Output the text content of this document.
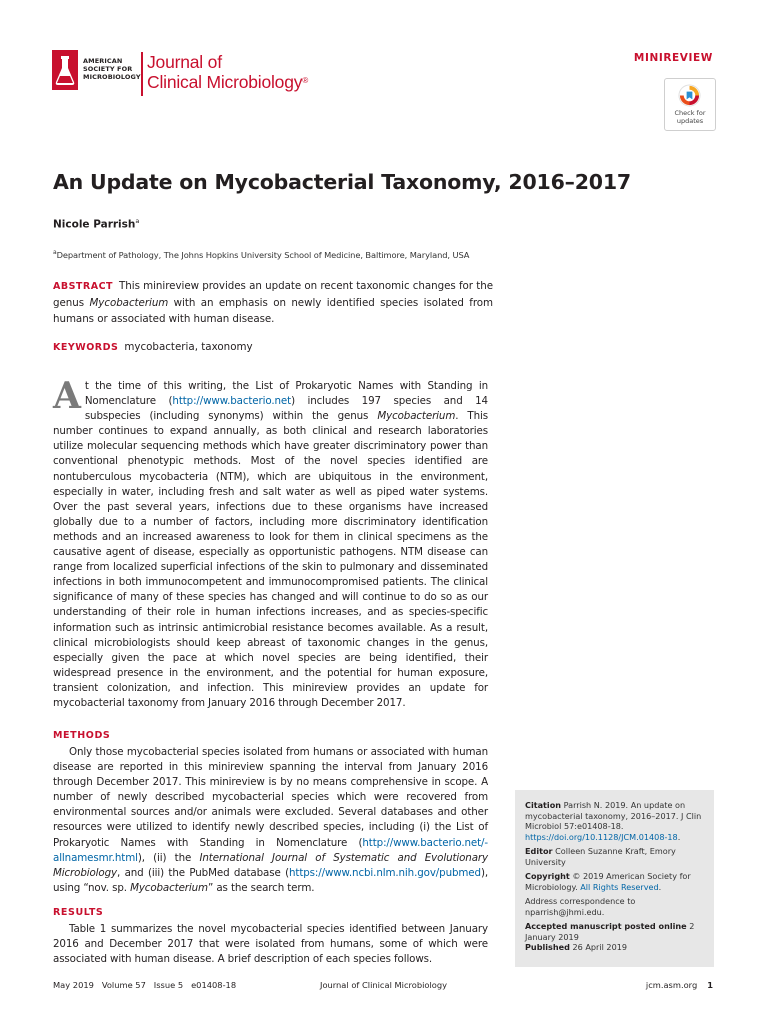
AMERICAN
SOCIETY FOR
MICROBIOLOGY
Journal of
Clinical Microbiology®
MINIREVIEW
Check for
updates
An Update on Mycobacterial Taxonomy, 2016–2017
Nicole Parrish$^a$
$^a$Department of Pathology, The Johns Hopkins University School of Medicine, Baltimore, Maryland, USA
ABSTRACT This minireview provides an update on recent taxonomic changes for the genus Mycobacterium with an emphasis on newly identified species isolated from humans or associated with human disease.
KEYWORDS mycobacteria, taxonomy
At the time of this writing, the List of Prokaryotic Names with Standing in Nomenclature (http://www.bacterio.net) includes 197 species and 14 subspecies (including synonyms) within the genus Mycobacterium. This number continues to expand annually, as both clinical and research laboratories utilize molecular sequencing methods which have greater discriminatory power than conventional phenotypic methods. Most of the novel species identified are nontuberculous mycobacteria (NTM), which are ubiquitous in the environment, especially in water, including fresh and salt water as well as piped water systems. Over the past several years, infections due to these organisms have increased globally due to a number of factors, including more discriminatory identification methods and an increased awareness to look for them in clinical specimens as the causative agent of disease, especially as opportunistic pathogens. NTM disease can range from localized superficial infections of the skin to pulmonary and disseminated infections in both immunocompetent and immunocompromised patients. The clinical significance of many of these species has changed and will continue to do so as our understanding of their role in human infections increases, and as species-specific information such as intrinsic antimicrobial resistance becomes available. As a result, clinical microbiologists should keep abreast of taxonomic changes in the genus, especially given the pace at which novel species are being identified, their widespread presence in the environment, and the potential for human exposure, transient colonization, and infection. This minireview provides an update for mycobacterial taxonomy from January 2016 through December 2017.
METHODS
Only those mycobacterial species isolated from humans or associated with human disease are reported in this minireview spanning the interval from January 2016 through December 2017. This minireview is by no means comprehensive in scope. A number of newly described mycobacterial species which were recovered from environmental sources and/or animals were excluded. Several databases and other resources were utilized to identify newly described species, including (i) the List of Prokaryotic Names with Standing in Nomenclature (http://www.bacterio.net/-allnamesmr.html), (ii) the International Journal of Systematic and Evolutionary Microbiology, and (iii) the PubMed database (https://www.ncbi.nlm.nih.gov/pubmed), using “nov. sp. Mycobacterium” as the search term.
RESULTS
Table 1 summarizes the novel mycobacterial species identified between January 2016 and December 2017 that were isolated from humans, some of which were associated with human disease. A brief description of each species follows.

Citation Parrish N. 2019. An update on mycobacterial taxonomy, 2016–2017. J Clin Microbiol 57:e01408-18. https://doi.org/10.1128/JCM.01408-18.

Editor Colleen Suzanne Kraft, Emory University

Copyright © 2019 American Society for Microbiology. All Rights Reserved.

Address correspondence to nparrish@jhmi.edu.

Accepted manuscript posted online 2 January 2019

Published 26 April 2019

May 2019   Volume 57   Issue 5   e01408-18	Journal of Clinical Microbiology	jcm.asm.org 1
